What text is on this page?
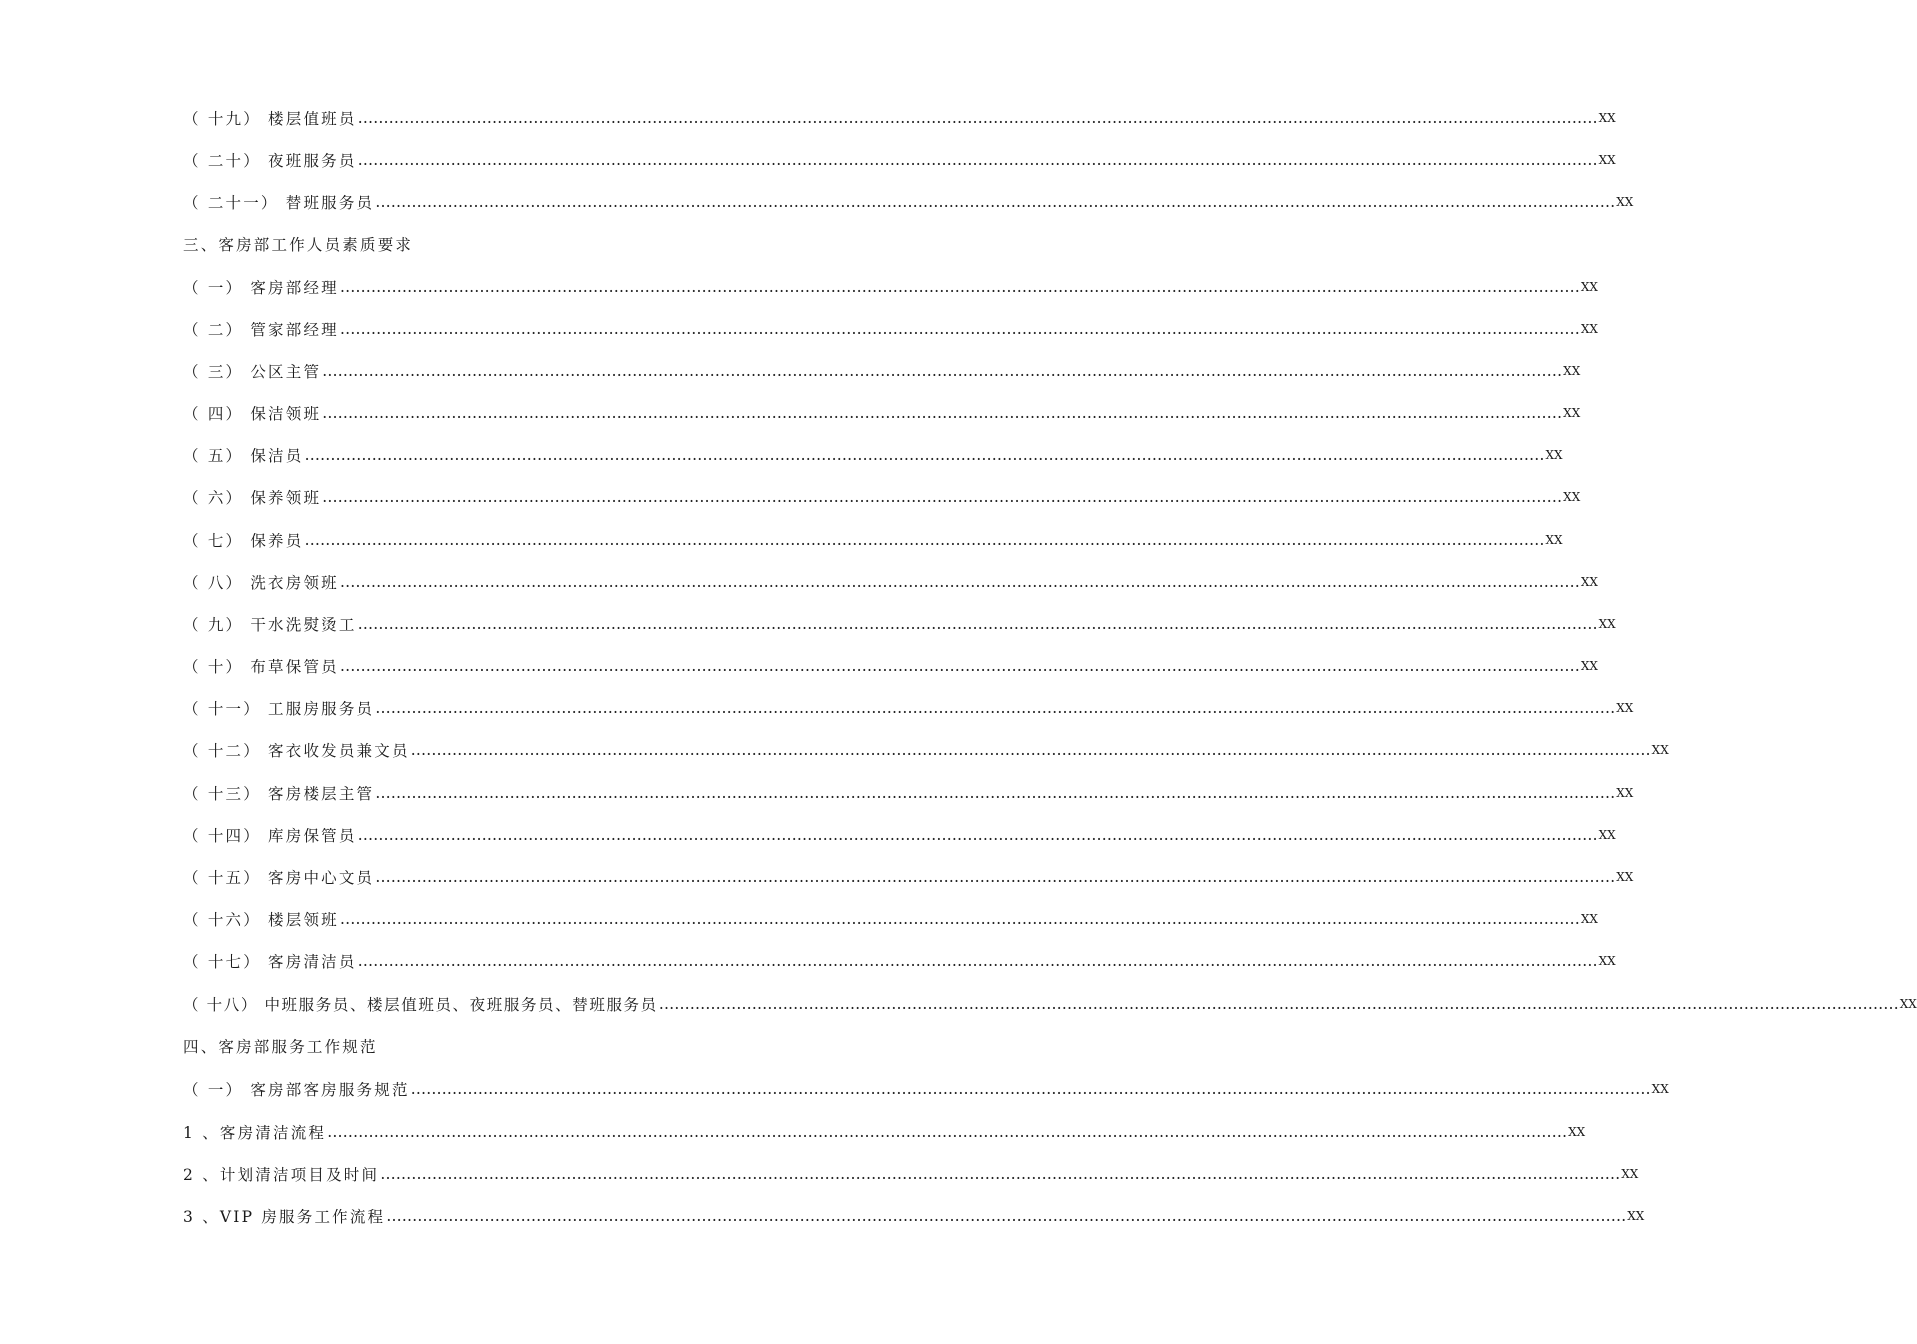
（ 十九） 楼层值班员 …………………………………………………………………………………………………………………………………………………………………………………………………………………… XX
（ 二十） 夜班服务员 …………………………………………………………………………………………………………………………………………………………………………………………………………………… XX
（ 二十一） 替班服务员 …………………………………………………………………………………………………………………………………………………………………………………………………………………… XX
三、客房部工作人员素质要求
（ 一） 客房部经理 …………………………………………………………………………………………………………………………………………………………………………………………………………………… XX
（ 二） 管家部经理 …………………………………………………………………………………………………………………………………………………………………………………………………………………… XX
（ 三） 公区主管 …………………………………………………………………………………………………………………………………………………………………………………………………………………… XX
（ 四） 保洁领班 …………………………………………………………………………………………………………………………………………………………………………………………………………………… XX
（ 五） 保洁员 …………………………………………………………………………………………………………………………………………………………………………………………………………………… XX
（ 六） 保养领班 …………………………………………………………………………………………………………………………………………………………………………………………………………………… XX
（ 七） 保养员 …………………………………………………………………………………………………………………………………………………………………………………………………………………… XX
（ 八） 洗衣房领班 …………………………………………………………………………………………………………………………………………………………………………………………………………………… XX
（ 九） 干水洗熨烫工 …………………………………………………………………………………………………………………………………………………………………………………………………………………… XX
（ 十） 布草保管员 …………………………………………………………………………………………………………………………………………………………………………………………………………………… XX
（ 十一） 工服房服务员 …………………………………………………………………………………………………………………………………………………………………………………………………………………… XX
（ 十二） 客衣收发员兼文员 …………………………………………………………………………………………………………………………………………………………………………………………………………………… XX
（ 十三） 客房楼层主管 …………………………………………………………………………………………………………………………………………………………………………………………………………………… XX
（ 十四） 库房保管员 …………………………………………………………………………………………………………………………………………………………………………………………………………………… XX
（ 十五） 客房中心文员 …………………………………………………………………………………………………………………………………………………………………………………………………………………… XX
（ 十六） 楼层领班 …………………………………………………………………………………………………………………………………………………………………………………………………………………… XX
（ 十七） 客房清洁员 …………………………………………………………………………………………………………………………………………………………………………………………………………………… XX
（ 十八） 中班服务员、楼层值班员、夜班服务员、替班服务员 …………………………………………………………………………………………………………………………………………………………………………………………………………………… XX
四、客房部服务工作规范
（ 一） 客房部客房服务规范 …………………………………………………………………………………………………………………………………………………………………………………………………………………… XX
1 、客房清洁流程 …………………………………………………………………………………………………………………………………………………………………………………………………………………… XX
2 、计划清洁项目及时间 …………………………………………………………………………………………………………………………………………………………………………………………………………………… XX
3 、VIP 房服务工作流程 …………………………………………………………………………………………………………………………………………………………………………………………………………………… XX
